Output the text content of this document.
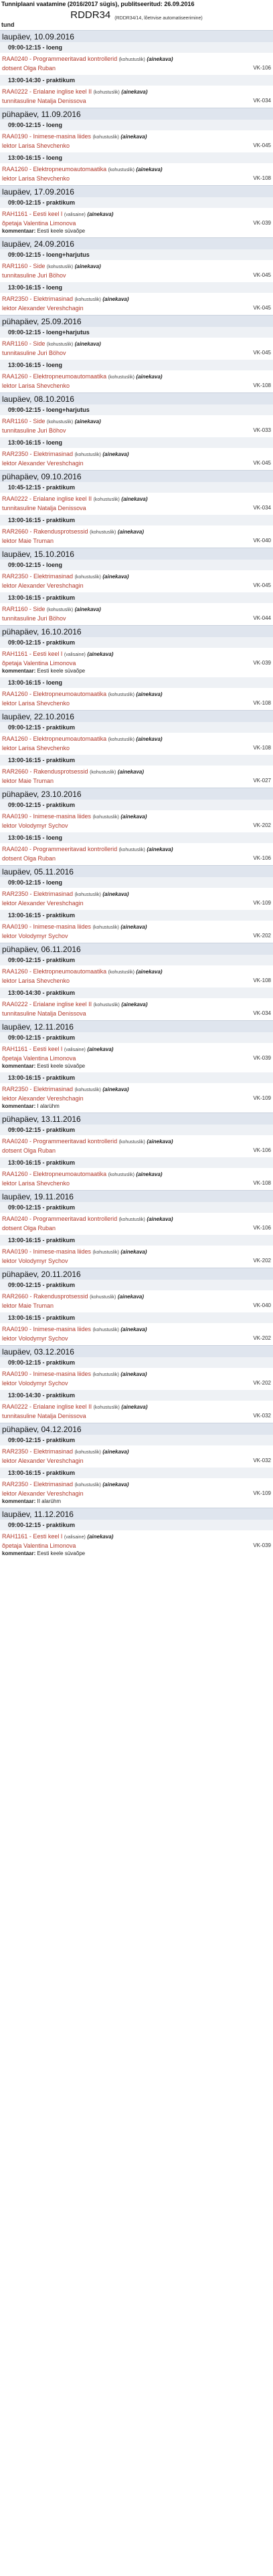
Tunniplaani vaatamine (2016/2017 sügis), publitseeritud: 26.09.2016
RDDR34 (RDDR34/14, lõetrvise automatiseerimine)
tund
laupäev, 10.09.2016
09:00-12:15 - loeng
RAA0240 - Programmeeritavad kontrollerid (kohustuslik) (ainekava)
dotsent Olga Ruban	VK-106
13:00-14:30 - praktikum
RAA0222 - Erialane inglise keel II (kohustuslik) (ainekava)
tunnitasuline Natalja Denissova	VK-034
pühapäev, 11.09.2016
09:00-12:15 - loeng
RAA0190 - Inimese-masina liides (kohustuslik) (ainekava)
lektor Larisa Shevchenko	VK-045
13:00-16:15 - loeng
RAA1260 - Elektropneumoautomaatika (kohustuslik) (ainekava)
lektor Larisa Shevchenko	VK-108
laupäev, 17.09.2016
09:00-12:15 - praktikum
RAH1161 - Eesti keel I (valisaine) (ainekava)
õpetaja Valentina Limonova	VK-039
kommentaar: Eesti keele süvaõpe
laupäev, 24.09.2016
09:00-12:15 - loeng+harjutus
RAR1160 - Side (kohustuslik) (ainekava)
tunnitasuline Juri Böhov	VK-045
13:00-16:15 - loeng
RAR2350 - Elektrimasinad (kohustuslik) (ainekava)
lektor Alexander Vereshchagin	VK-045
pühapäev, 25.09.2016
09:00-12:15 - loeng+harjutus
RAR1160 - Side (kohustuslik) (ainekava)
tunnitasuline Juri Böhov	VK-045
13:00-16:15 - loeng
RAA1260 - Elektropneumoautomaatika (kohustuslik) (ainekava)
lektor Larisa Shevchenko	VK-108
laupäev, 08.10.2016
09:00-12:15 - loeng+harjutus
RAR1160 - Side (kohustuslik) (ainekava)
tunnitasuline Juri Böhov	VK-033
13:00-16:15 - loeng
RAR2350 - Elektrimasinad (kohustuslik) (ainekava)
lektor Alexander Vereshchagin	VK-045
pühapäev, 09.10.2016
10:45-12:15 - praktikum
RAA0222 - Erialane inglise keel II (kohustuslik) (ainekava)
tunnitasuline Natalja Denissova	VK-034
13:00-16:15 - praktikum
RAR2660 - Rakendusprotsessid (kohustuslik) (ainekava)
lektor Maie Truman	VK-040
laupäev, 15.10.2016
09:00-12:15 - loeng
RAR2350 - Elektrimasinad (kohustuslik) (ainekava)
lektor Alexander Vereshchagin	VK-045
13:00-16:15 - praktikum
RAR1160 - Side (kohustuslik) (ainekava)
tunnitasuline Juri Böhov	VK-044
pühapäev, 16.10.2016
09:00-12:15 - praktikum
RAH1161 - Eesti keel I (valisaine) (ainekava)
õpetaja Valentina Limonova	VK-039
kommentaar: Eesti keele süvaõpe
13:00-16:15 - loeng
RAA1260 - Elektropneumoautomaatika (kohustuslik) (ainekava)
lektor Larisa Shevchenko	VK-108
laupäev, 22.10.2016
09:00-12:15 - praktikum
RAA1260 - Elektropneumoautomaatika (kohustuslik) (ainekava)
lektor Larisa Shevchenko	VK-108
13:00-16:15 - praktikum
RAR2660 - Rakendusprotsessid (kohustuslik) (ainekava)
lektor Maie Truman	VK-027
pühapäev, 23.10.2016
09:00-12:15 - praktikum
RAA0190 - Inimese-masina liides (kohustuslik) (ainekava)
lektor Volodymyr Sychov	VK-202
13:00-16:15 - loeng
RAA0240 - Programmeeritavad kontrollerid (kohustuslik) (ainekava)
dotsent Olga Ruban	VK-106
laupäev, 05.11.2016
09:00-12:15 - loeng
RAR2350 - Elektrimasinad (kohustuslik) (ainekava)
lektor Alexander Vereshchagin	VK-109
13:00-16:15 - praktikum
RAA0190 - Inimese-masina liides (kohustuslik) (ainekava)
lektor Volodymyr Sychov	VK-202
pühapäev, 06.11.2016
09:00-12:15 - praktikum
RAA1260 - Elektropneumoautomaatika (kohustuslik) (ainekava)
lektor Larisa Shevchenko	VK-108
13:00-14:30 - praktikum
RAA0222 - Erialane inglise keel II (kohustuslik) (ainekava)
tunnitasuline Natalja Denissova	VK-034
laupäev, 12.11.2016
09:00-12:15 - praktikum
RAH1161 - Eesti keel I (valisaine) (ainekava)
õpetaja Valentina Limonova	VK-039
kommentaar: Eesti keele süvaõpe
13:00-16:15 - praktikum
RAR2350 - Elektrimasinad (kohustuslik) (ainekava)
lektor Alexander Vereshchagin	VK-109
kommentaar: I alarühm
pühapäev, 13.11.2016
09:00-12:15 - praktikum
RAA0240 - Programmeeritavad kontrollerid (kohustuslik) (ainekava)
dotsent Olga Ruban	VK-106
13:00-16:15 - praktikum
RAA1260 - Elektropneumoautomaatika (kohustuslik) (ainekava)
lektor Larisa Shevchenko	VK-108
laupäev, 19.11.2016
09:00-12:15 - praktikum
RAA0240 - Programmeeritavad kontrollerid (kohustuslik) (ainekava)
dotsent Olga Ruban	VK-106
13:00-16:15 - praktikum
RAA0190 - Inimese-masina liides (kohustuslik) (ainekava)
lektor Volodymyr Sychov	VK-202
pühapäev, 20.11.2016
09:00-12:15 - praktikum
RAR2660 - Rakendusprotsessid (kohustuslik) (ainekava)
lektor Maie Truman	VK-040
13:00-16:15 - praktikum
RAA0190 - Inimese-masina liides (kohustuslik) (ainekava)
lektor Volodymyr Sychov	VK-202
laupäev, 03.12.2016
09:00-12:15 - praktikum
RAA0190 - Inimese-masina liides (kohustuslik) (ainekava)
lektor Volodymyr Sychov	VK-202
13:00-14:30 - praktikum
RAA0222 - Erialane inglise keel II (kohustuslik) (ainekava)
tunnitasuline Natalja Denissova	VK-032
pühapäev, 04.12.2016
09:00-12:15 - praktikum
RAR2350 - Elektrimasinad (kohustuslik) (ainekava)
lektor Alexander Vereshchagin	VK-032
13:00-16:15 - praktikum
RAR2350 - Elektrimasinad (kohustuslik) (ainekava)
lektor Alexander Vereshchagin	VK-109
kommentaar: II alarühm
laupäev, 11.12.2016
09:00-12:15 - praktikum
RAH1161 - Eesti keel I (valisaine) (ainekava)
õpetaja Valentina Limonova	VK-039
kommentaar: Eesti keele süvaõpe
